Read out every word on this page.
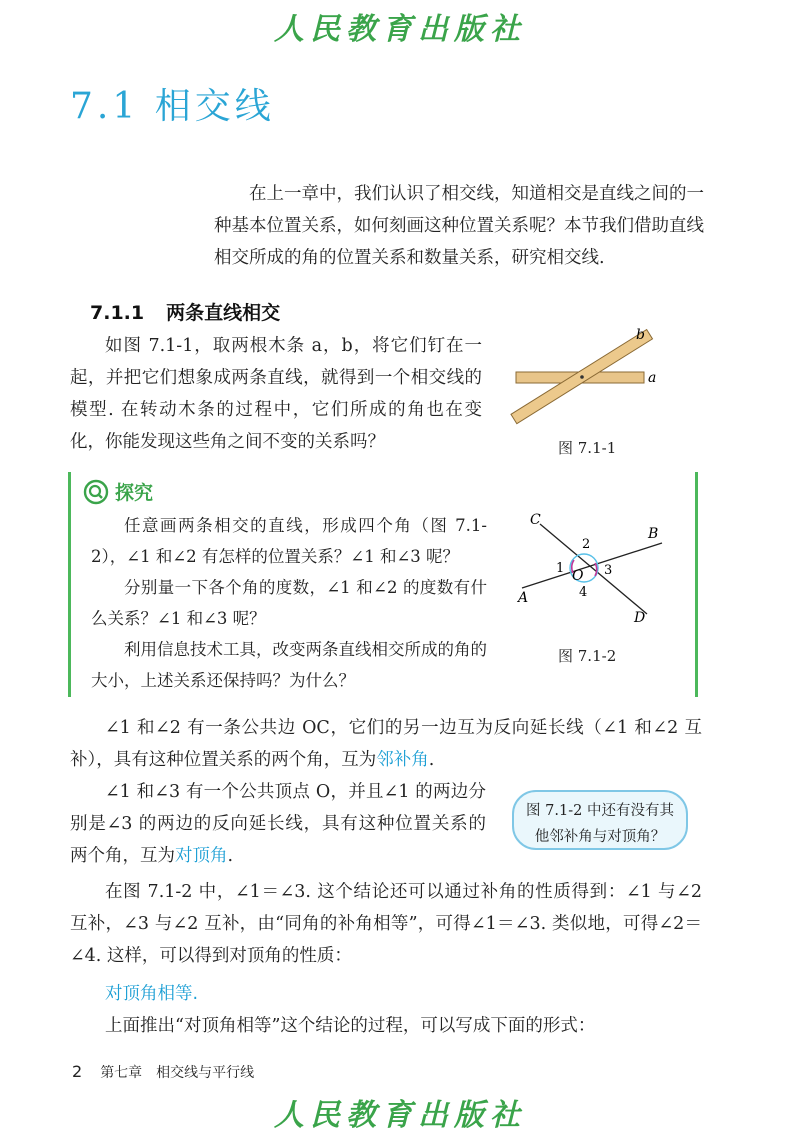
人民教育出版社
7.1 相交线
在上一章中，我们认识了相交线，知道相交是直线之间的一种基本位置关系，如何刻画这种位置关系呢？本节我们借助直线相交所成的角的位置关系和数量关系，研究相交线.
7.1.1 两条直线相交
如图 7.1-1，取两根木条 a，b，将它们钉在一起，并把它们想象成两条直线，就得到一个相交线的模型. 在转动木条的过程中，它们所成的角也在变化，你能发现这些角之间不变的关系吗？
b
a
图 7.1-1
探究

任意画两条相交的直线，形成四个角（图 7.1-2），∠1 和∠2 有怎样的位置关系？∠1 和∠3 呢？

分别量一下各个角的度数，∠1 和∠2 的度数有什么关系？∠1 和∠3 呢？

利用信息技术工具，改变两条直线相交所成的角的大小，上述关系还保持吗？为什么？

C
B
A
D
O
2
1	3
4
图 7.1-2
∠1 和∠2 有一条公共边 OC，它们的另一边互为反向延长线（∠1 和∠2 互补），具有这种位置关系的两个角，互为邻补角.
∠1 和∠3 有一个公共顶点 O，并且∠1 的两边分别是∠3 的两边的反向延长线，具有这种位置关系的两个角，互为对顶角.
图 7.1-2 中还有没有其他邻补角与对顶角？
在图 7.1-2 中，∠1＝∠3. 这个结论还可以通过补角的性质得到：∠1 与∠2 互补，∠3 与∠2 互补，由“同角的补角相等”，可得∠1＝∠3. 类似地，可得∠2＝∠4. 这样，可以得到对顶角的性质：
对顶角相等.
上面推出“对顶角相等”这个结论的过程，可以写成下面的形式：
2 第七章　相交线与平行线
人民教育出版社
